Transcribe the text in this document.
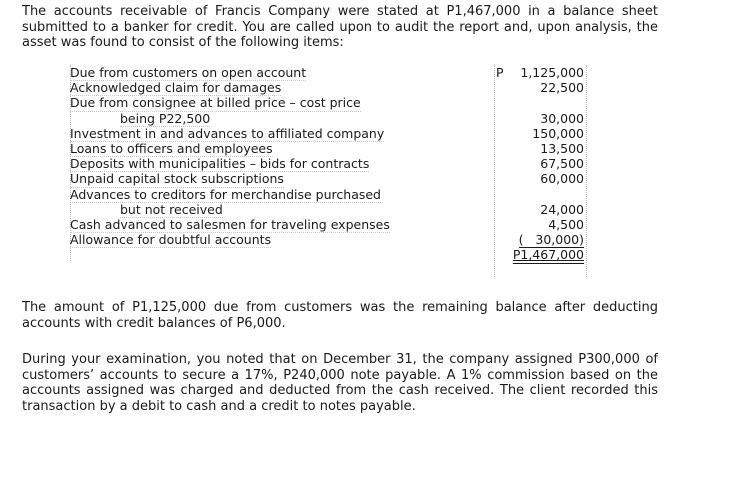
The accounts receivable of Francis Company were stated at P1,467,000 in a balance sheet submitted to a banker for credit. You are called upon to audit the report and, upon analysis, the asset was found to consist of the following items:
Due from customers on open account
Acknowledged claim for damages
Due from consignee at billed price – cost price
being P22,500
Investment in and advances to affiliated company
Loans to officers and employees
Deposits with municipalities – bids for contracts
Unpaid capital stock subscriptions
Advances to creditors for merchandise purchased
but not received
Cash advanced to salesmen for traveling expenses
Allowance for doubtful accounts
P 1,125,000
22,500
30,000
150,000
13,500
67,500
60,000
24,000
4,500
(   30,000)
P1,467,000
The amount of P1,125,000 due from customers was the remaining balance after deducting accounts with credit balances of P6,000.
During your examination, you noted that on December 31, the company assigned P300,000 of customers’ accounts to secure a 17%, P240,000 note payable. A 1% commission based on the accounts assigned was charged and deducted from the cash received. The client recorded this transaction by a debit to cash and a credit to notes payable.
